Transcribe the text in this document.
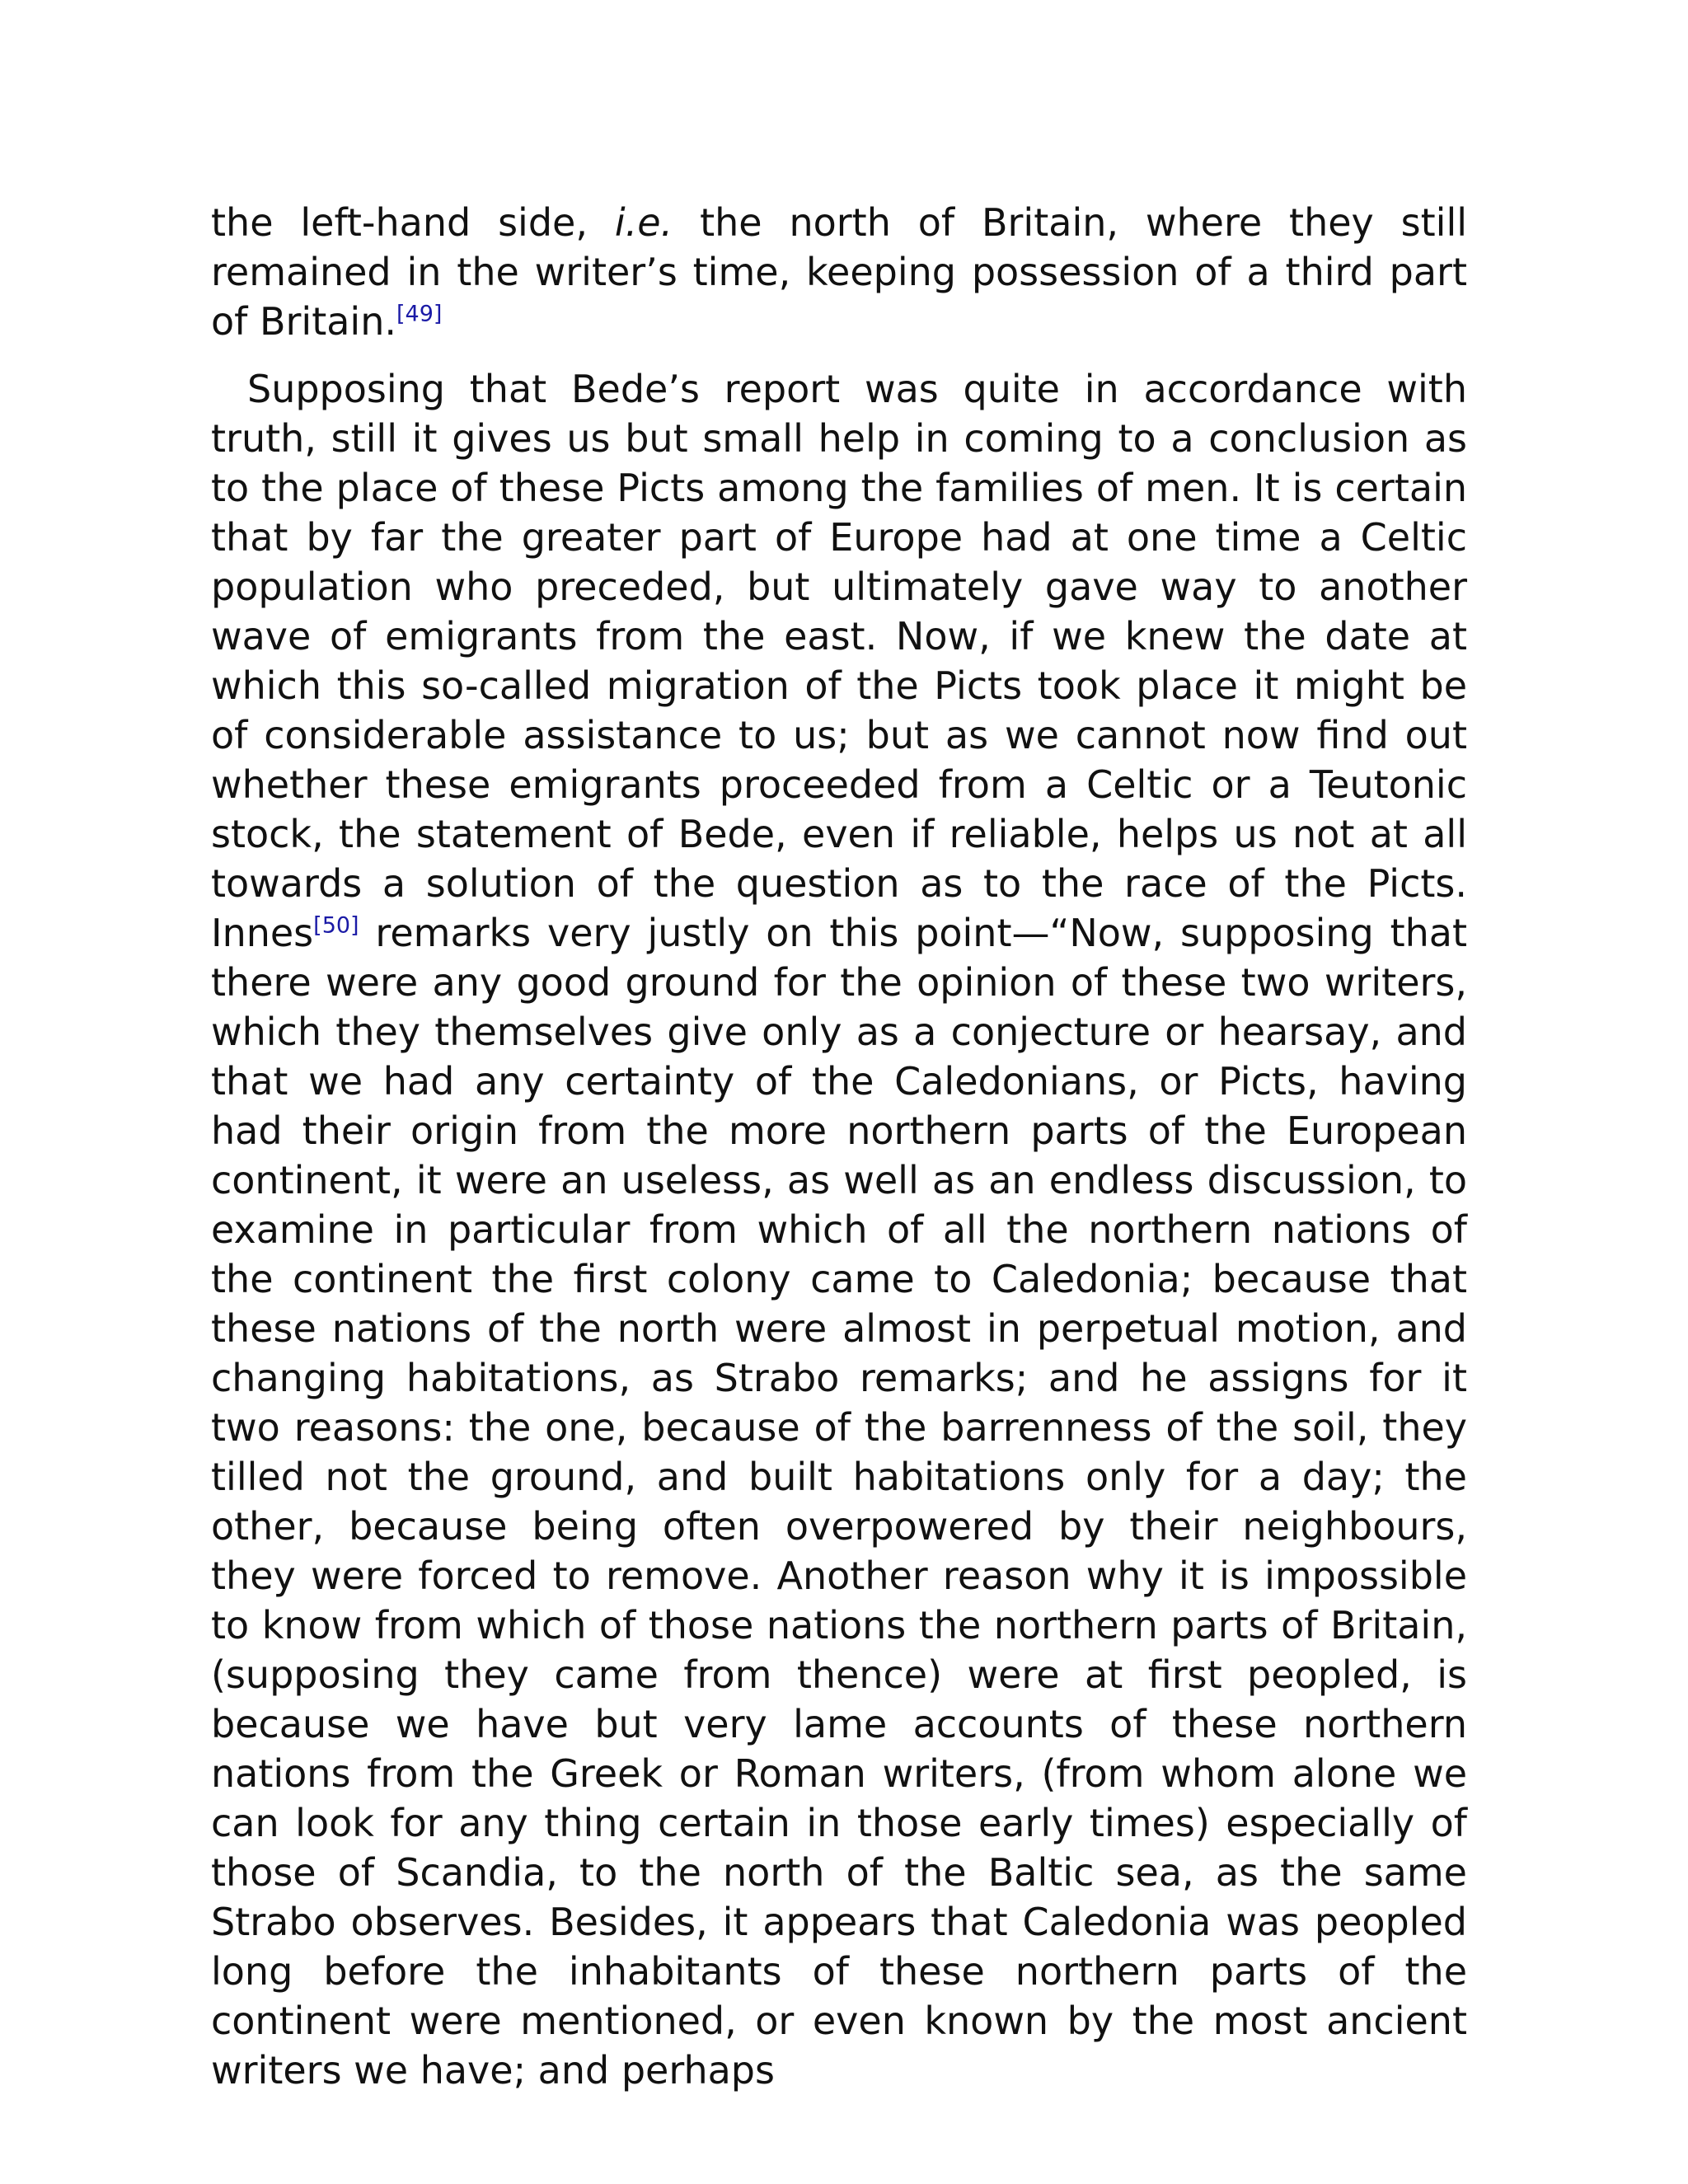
the left-hand side, i.e. the north of Britain, where they still remained in the writer’s time, keeping possession of a third part of Britain.[49]

Supposing that Bede’s report was quite in accordance with truth, still it gives us but small help in coming to a conclusion as to the place of these Picts among the families of men. It is certain that by far the greater part of Europe had at one time a Celtic population who preceded, but ultimately gave way to another wave of emigrants from the east. Now, if we knew the date at which this so-called migration of the Picts took place it might be of considerable assistance to us; but as we cannot now find out whether these emigrants proceeded from a Celtic or a Teutonic stock, the statement of Bede, even if reliable, helps us not at all towards a solution of the question as to the race of the Picts. Innes[50] remarks very justly on this point—“Now, supposing that there were any good ground for the opinion of these two writers, which they themselves give only as a conjecture or hearsay, and that we had any certainty of the Caledonians, or Picts, having had their origin from the more northern parts of the European continent, it were an useless, as well as an endless discussion, to examine in particular from which of all the northern nations of the continent the first colony came to Caledonia; because that these nations of the north were almost in perpetual motion, and changing habitations, as Strabo remarks; and he assigns for it two reasons: the one, because of the barrenness of the soil, they tilled not the ground, and built habitations only for a day; the other, because being often overpowered by their neighbours, they were forced to remove. Another reason why it is impossible to know from which of those nations the northern parts of Britain, (supposing they came from thence) were at first peopled, is because we have but very lame accounts of these northern nations from the Greek or Roman writers, (from whom alone we can look for any thing certain in those early times) especially of those of Scandia, to the north of the Baltic sea, as the same Strabo observes. Besides, it appears that Caledonia was peopled long before the inhabitants of these northern parts of the continent were mentioned, or even known by the most ancient writers we have; and perhaps
